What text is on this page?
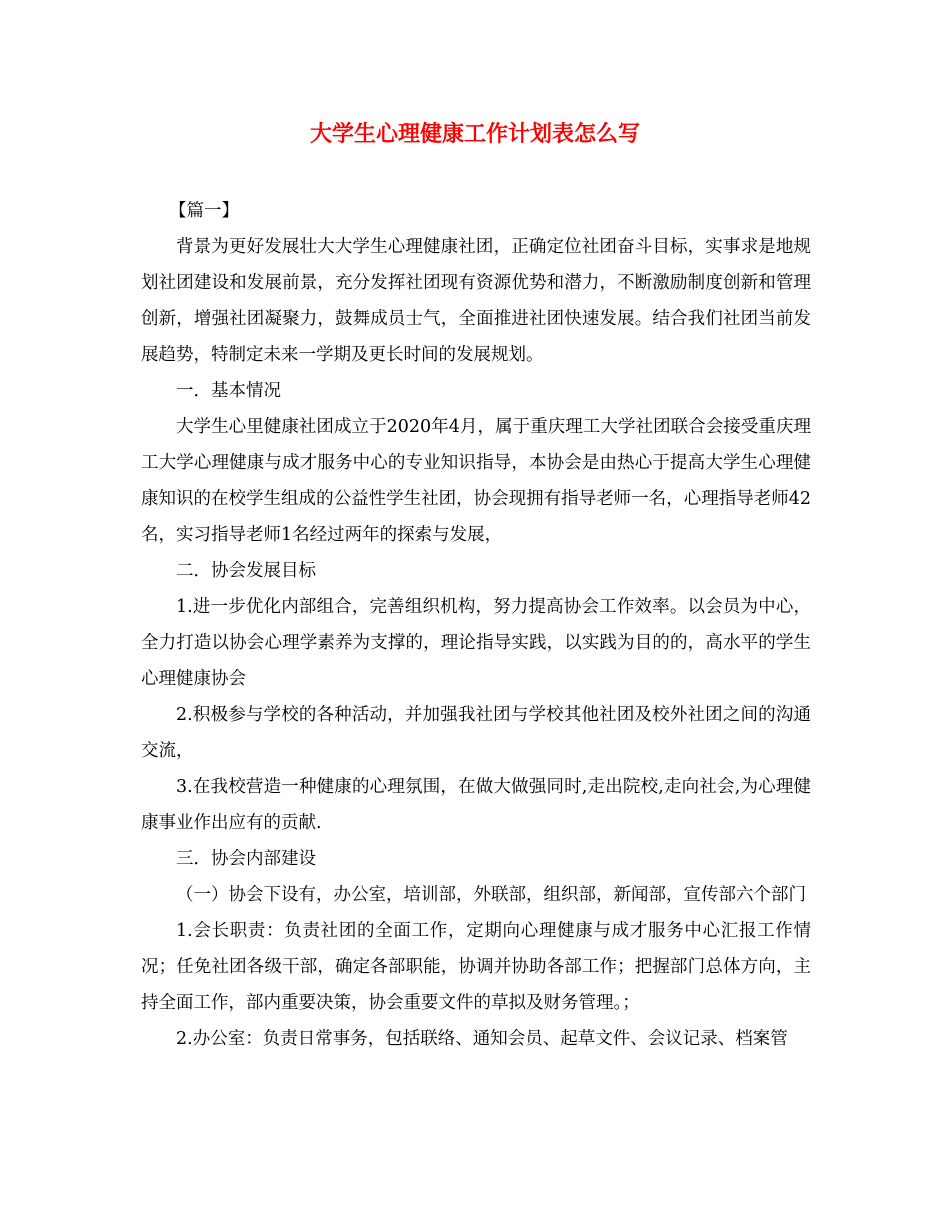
大学生心理健康工作计划表怎么写

【篇一】

背景为更好发展壮大大学生心理健康社团，正确定位社团奋斗目标，实事求是地规划社团建设和发展前景，充分发挥社团现有资源优势和潜力，不断激励制度创新和管理创新，增强社团凝聚力，鼓舞成员士气，全面推进社团快速发展。结合我们社团当前发展趋势，特制定未来一学期及更长时间的发展规划。

一．基本情况

大学生心里健康社团成立于2020年4月，属于重庆理工大学社团联合会接受重庆理工大学心理健康与成才服务中心的专业知识指导，本协会是由热心于提高大学生心理健康知识的在校学生组成的公益性学生社团，协会现拥有指导老师一名，心理指导老师42名，实习指导老师1名经过两年的探索与发展，

二．协会发展目标

1.进一步优化内部组合，完善组织机构，努力提高协会工作效率。以会员为中心，全力打造以协会心理学素养为支撑的，理论指导实践，以实践为目的的，高水平的学生心理健康协会

2.积极参与学校的各种活动，并加强我社团与学校其他社团及校外社团之间的沟通交流，

3.在我校营造一种健康的心理氛围，在做大做强同时,走出院校,走向社会,为心理健康事业作出应有的贡献.

三．协会内部建设

（一）协会下设有，办公室，培训部，外联部，组织部，新闻部，宣传部六个部门

1.会长职责：负责社团的全面工作，定期向心理健康与成才服务中心汇报工作情况；任免社团各级干部，确定各部职能，协调并协助各部工作；把握部门总体方向，主持全面工作，部内重要决策，协会重要文件的草拟及财务管理。；

2.办公室：负责日常事务，包括联络、通知会员、起草文件、会议记录、档案管
